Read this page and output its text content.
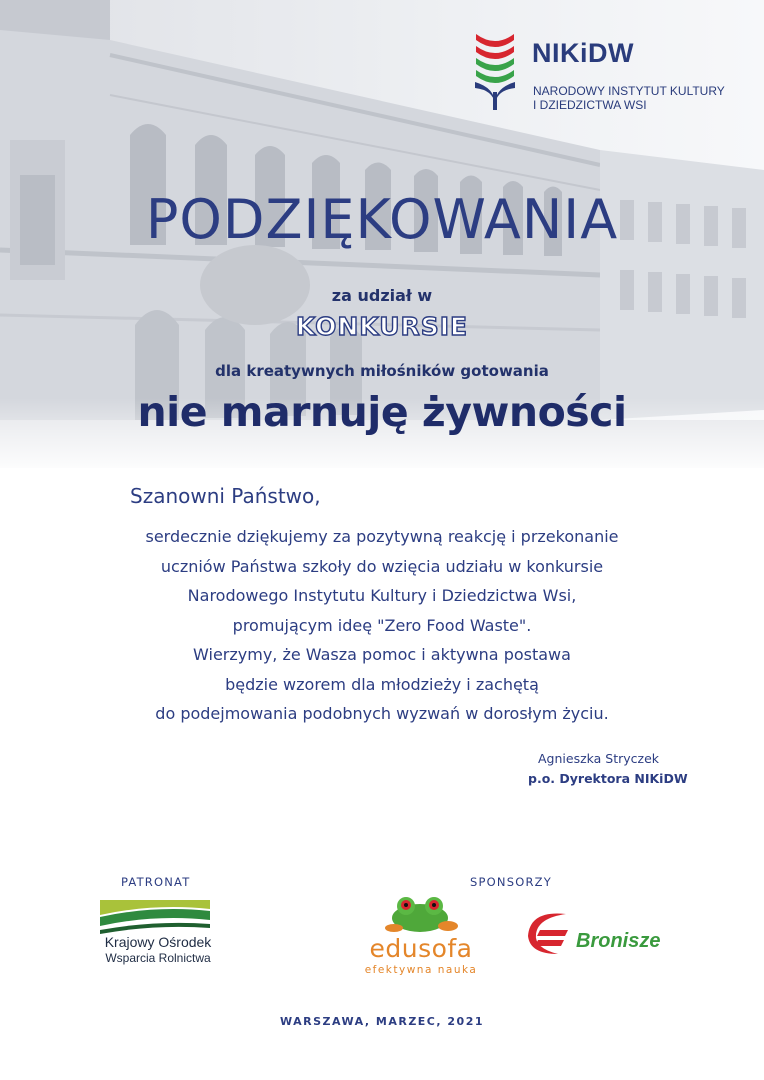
NIKiDW
NARODOWY INSTYTUT KULTURY
I DZIEDZICTWA WSI
PODZIĘKOWANIA
za udział w
KONKURSIE
dla kreatywnych miłośników gotowania
nie marnuję żywności
Szanowni Państwo,
serdecznie dziękujemy za pozytywną reakcję i przekonanie
uczniów Państwa szkoły do wzięcia udziału w konkursie
Narodowego Instytutu Kultury i Dziedzictwa Wsi,
promującym ideę "Zero Food Waste".
Wierzymy, że Wasza pomoc i aktywna postawa
będzie wzorem dla młodzieży i zachętą
do podejmowania podobnych wyzwań w dorosłym życiu.
Agnieszka Stryczek
p.o. Dyrektora NIKiDW
PATRONAT
Krajowy Ośrodek
Wsparcia Rolnictwa
SPONSORZY
edusofa
efektywna nauka
Bronisze
WARSZAWA, MARZEC, 2021
